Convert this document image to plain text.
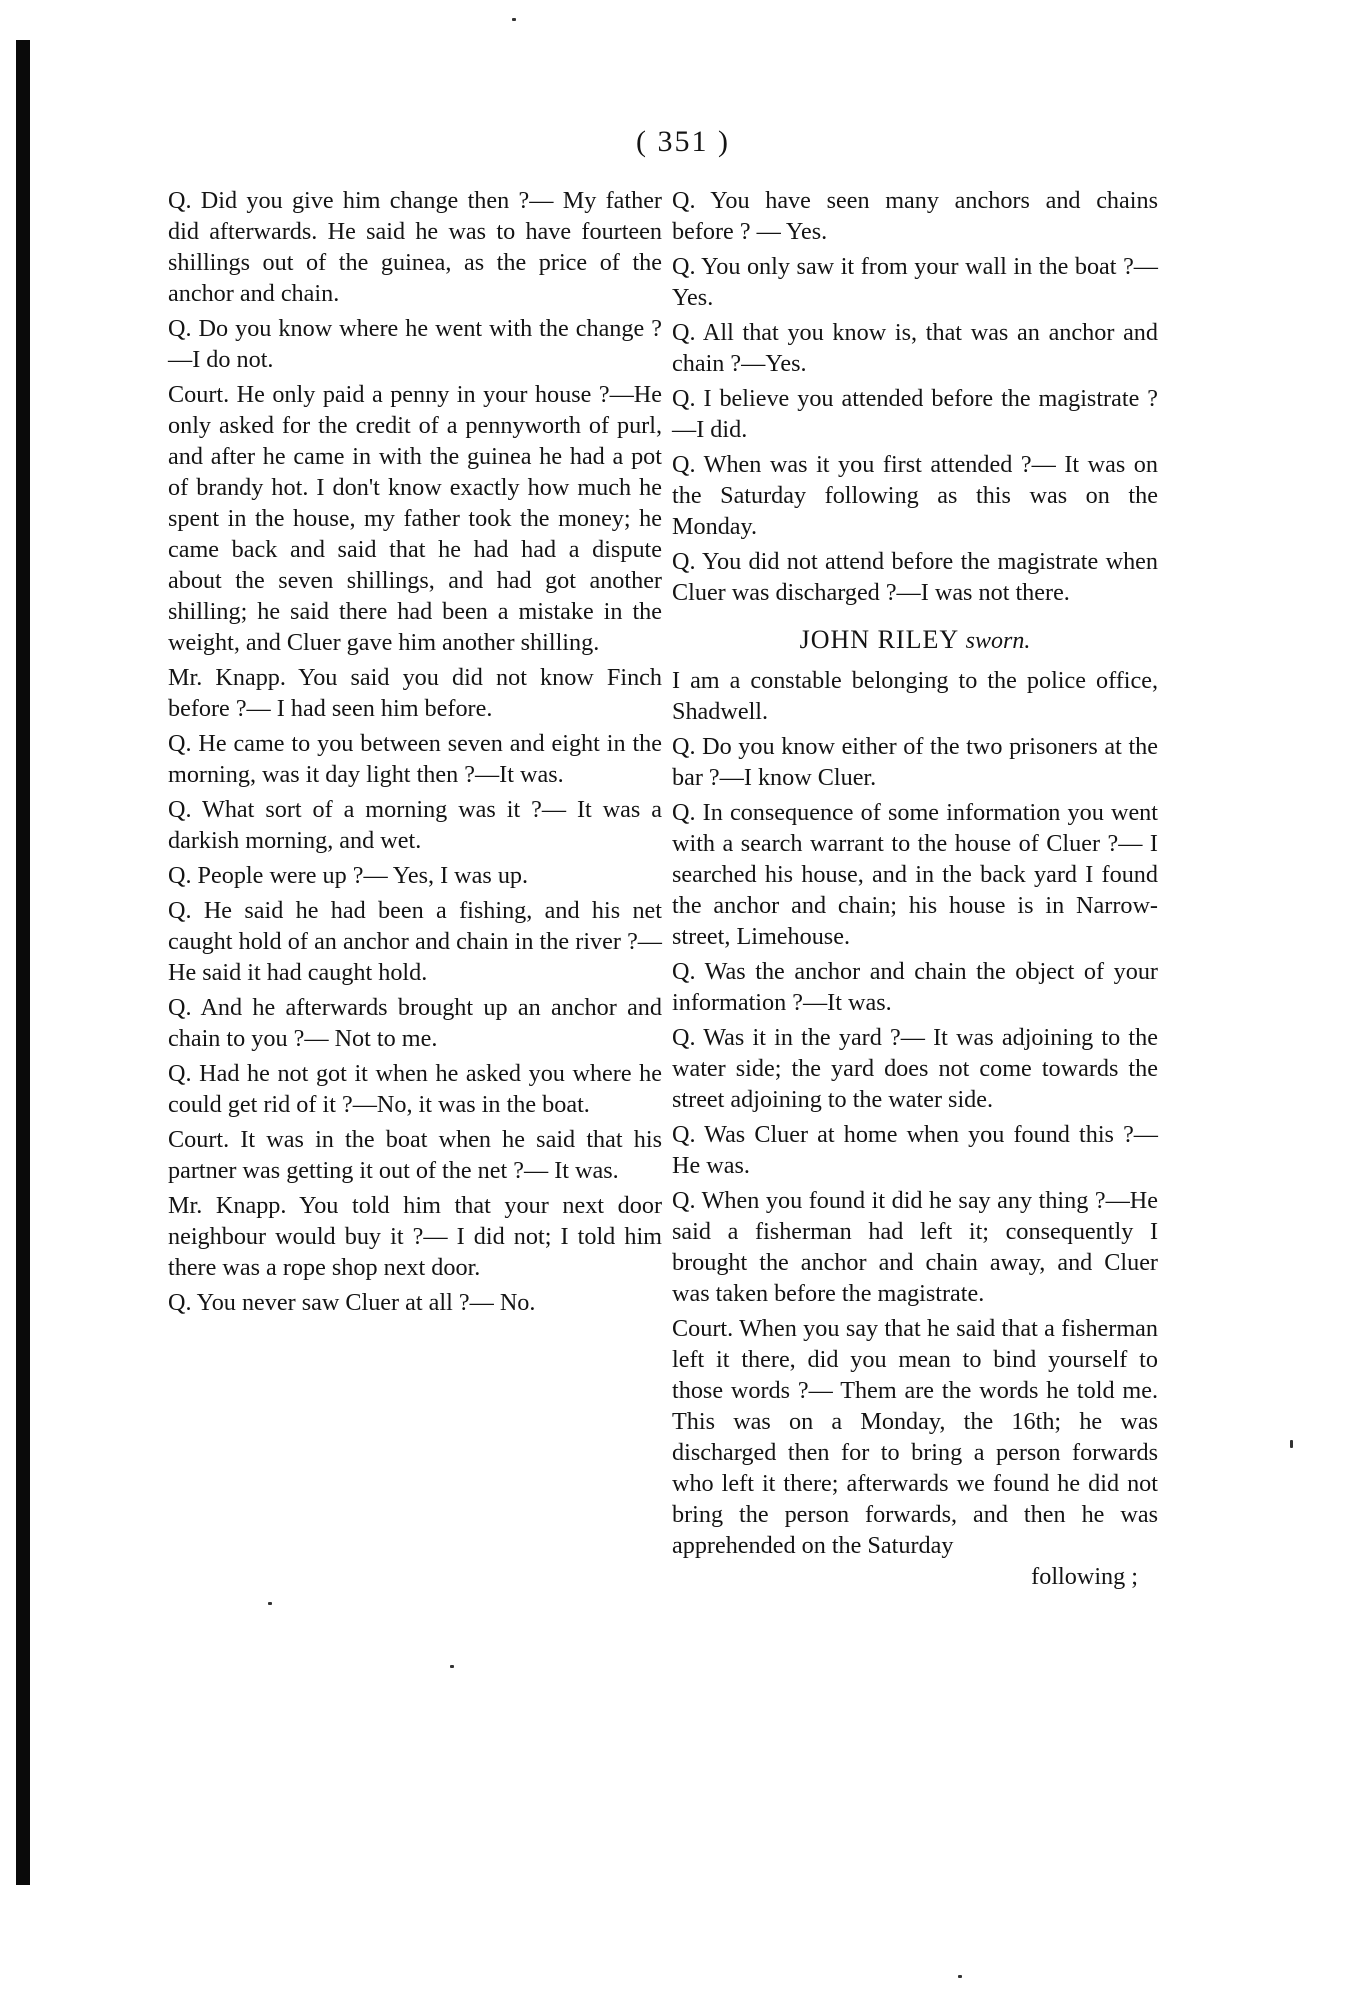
( 351 )

Q. Did you give him change then ?— My father did afterwards. He said he was to have fourteen shillings out of the guinea, as the price of the anchor and chain.

Q. Do you know where he went with the change ?—I do not.

Court. He only paid a penny in your house ?—He only asked for the credit of a pennyworth of purl, and after he came in with the guinea he had a pot of brandy hot. I don't know exactly how much he spent in the house, my father took the money; he came back and said that he had had a dispute about the seven shillings, and had got another shilling; he said there had been a mistake in the weight, and Cluer gave him another shilling.

Mr. Knapp. You said you did not know Finch before ?— I had seen him before.

Q. He came to you between seven and eight in the morning, was it day light then ?—It was.

Q. What sort of a morning was it ?— It was a darkish morning, and wet.

Q. People were up ?— Yes, I was up.

Q. He said he had been a fishing, and his net caught hold of an anchor and chain in the river ?— He said it had caught hold.

Q. And he afterwards brought up an anchor and chain to you ?— Not to me.

Q. Had he not got it when he asked you where he could get rid of it ?—No, it was in the boat.

Court. It was in the boat when he said that his partner was getting it out of the net ?— It was.

Mr. Knapp. You told him that your next door neighbour would buy it ?— I did not; I told him there was a rope shop next door.

Q. You never saw Cluer at all ?— No.

Q. You have seen many anchors and chains before ? — Yes.

Q. You only saw it from your wall in the boat ?—Yes.

Q. All that you know is, that was an anchor and chain ?—Yes.

Q. I believe you attended before the magistrate ?—I did.

Q. When was it you first attended ?— It was on the Saturday following as this was on the Monday.

Q. You did not attend before the magistrate when Cluer was discharged ?—I was not there.

JOHN RILEY sworn.

I am a constable belonging to the police office, Shadwell.

Q. Do you know either of the two prisoners at the bar ?—I know Cluer.

Q. In consequence of some information you went with a search warrant to the house of Cluer ?— I searched his house, and in the back yard I found the anchor and chain; his house is in Narrow-street, Limehouse.

Q. Was the anchor and chain the object of your information ?—It was.

Q. Was it in the yard ?— It was adjoining to the water side; the yard does not come towards the street adjoining to the water side.

Q. Was Cluer at home when you found this ?—He was.

Q. When you found it did he say any thing ?—He said a fisherman had left it; consequently I brought the anchor and chain away, and Cluer was taken before the magistrate.

Court. When you say that he said that a fisherman left it there, did you mean to bind yourself to those words ?— Them are the words he told me. This was on a Monday, the 16th; he was discharged then for to bring a person forwards who left it there; afterwards we found he did not bring the person forwards, and then he was apprehended on the Saturday

following ;
